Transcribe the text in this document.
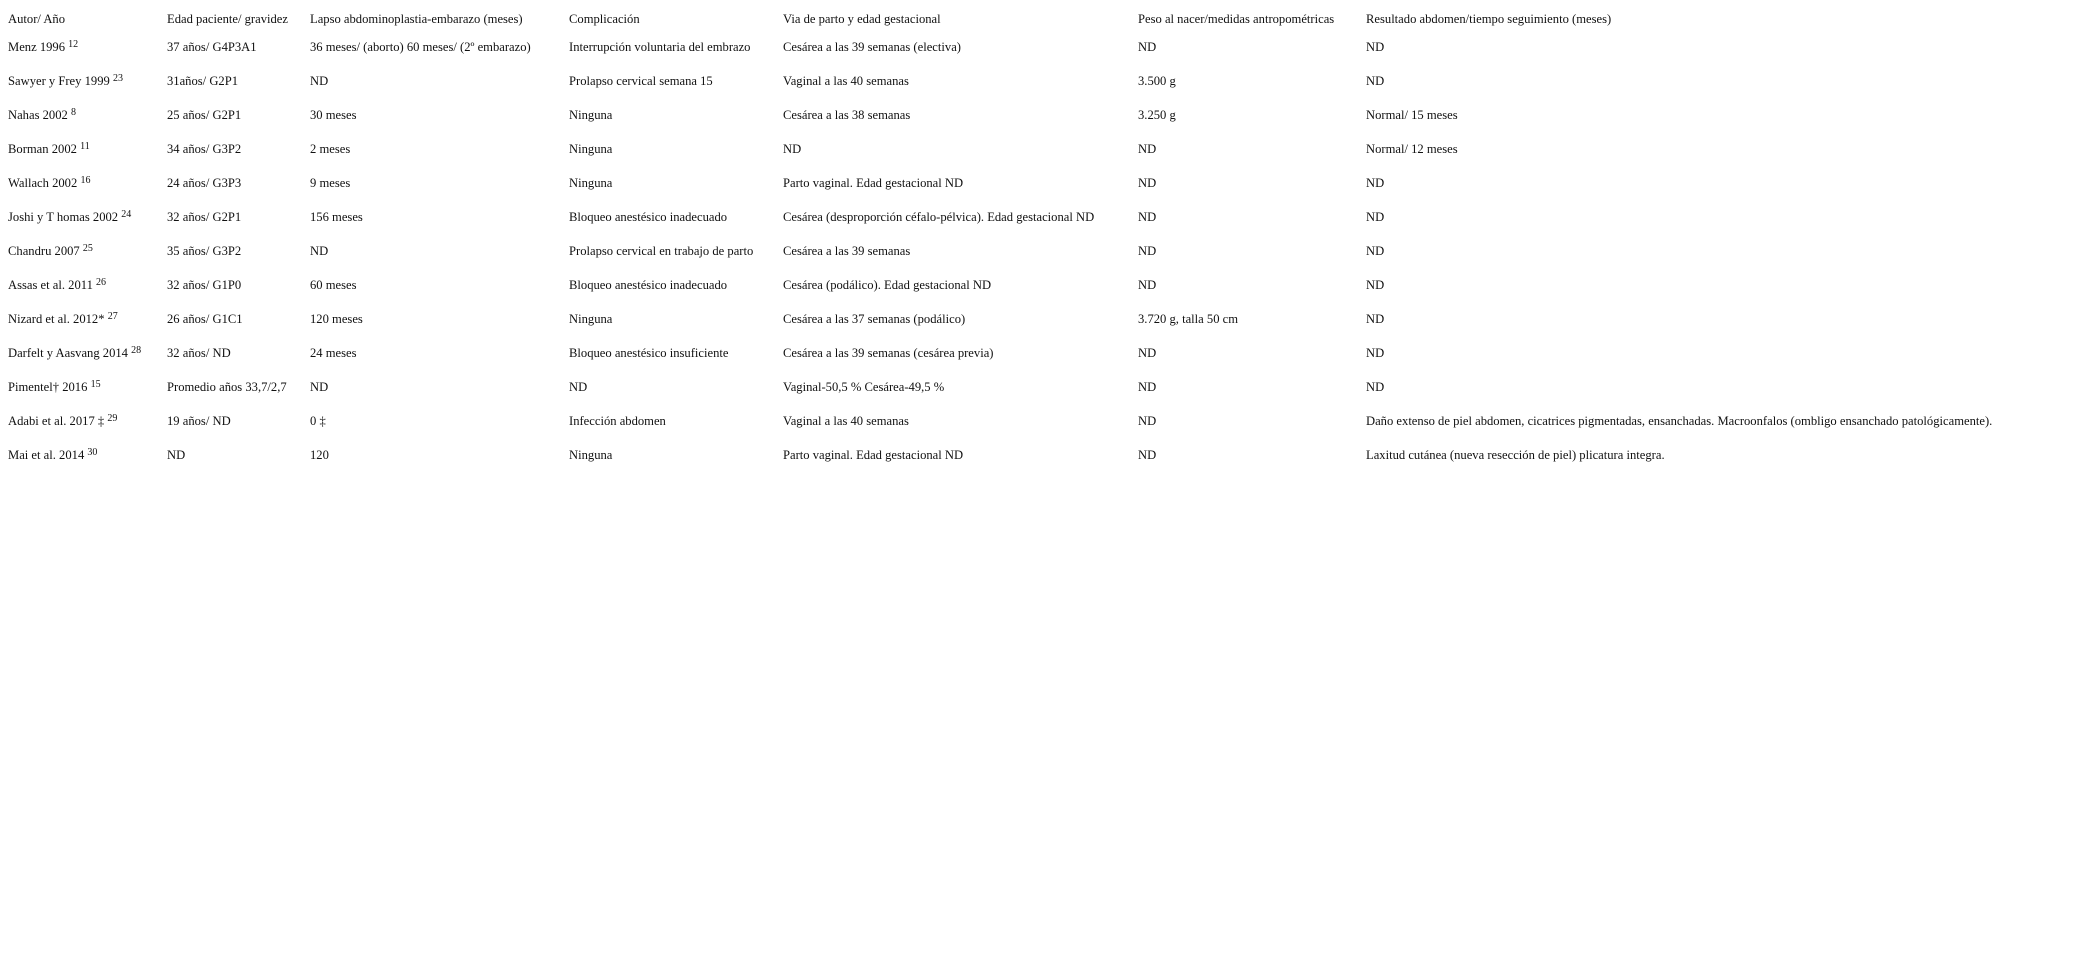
Autor/ Año	Edad paciente/ gravidez	Lapso abdominoplastia-embarazo (meses)	Complicación	Via de parto y edad gestacional	Peso al nacer/medidas antropométricas	Resultado abdomen/tiempo seguimiento (meses)
Menz 1996 $^{12}$	37 años/ G4P3A1	36 meses/ (aborto) 60 meses/ (2º embarazo)	Interrupción voluntaria del embrazo	Cesárea a las 39 semanas (electiva)	ND	ND
Sawyer y Frey 1999 $^{23}$	31años/ G2P1	ND	Prolapso cervical semana 15	Vaginal a las 40 semanas	3.500 g	ND
Nahas 2002 $^8$	25 años/ G2P1	30 meses	Ninguna	Cesárea a las 38 semanas	3.250 g	Normal/ 15 meses
Borman 2002 $^{11}$	34 años/ G3P2	2 meses	Ninguna	ND	ND	Normal/ 12 meses
Wallach 2002 $^{16}$	24 años/ G3P3	9 meses	Ninguna	Parto vaginal. Edad gestacional ND	ND	ND
Joshi y T homas 2002 $^{24}$	32 años/ G2P1	156 meses	Bloqueo anestésico inadecuado	Cesárea (desproporción céfalo-pélvica). Edad gestacional ND	ND	ND
Chandru 2007 $^{25}$	35 años/ G3P2	ND	Prolapso cervical en trabajo de parto	Cesárea a las 39 semanas	ND	ND
Assas et al. 2011 $^{26}$	32 años/ G1P0	60 meses	Bloqueo anestésico inadecuado	Cesárea (podálico). Edad gestacional ND	ND	ND
Nizard et al. 2012* $^{27}$	26 años/ G1C1	120 meses	Ninguna	Cesárea a las 37 semanas (podálico)	3.720 g, talla 50 cm	ND
Darfelt y Aasvang 2014 $^{28}$	32 años/ ND	24 meses	Bloqueo anestésico insuficiente	Cesárea a las 39 semanas (cesárea previa)	ND	ND
Pimentel† 2016 $^{15}$	Promedio años 33,7/2,7	ND	ND	Vaginal-50,5 % Cesárea-49,5 %	ND	ND
Adabi et al. 2017 ‡ $^{29}$	19 años/ ND	0 ‡	Infección abdomen	Vaginal a las 40 semanas	ND	Daño extenso de piel abdomen, cicatrices pigmentadas, ensanchadas. Macroonfalos (ombligo ensanchado patológicamente).
Mai et al. 2014 $^{30}$	ND	120	Ninguna	Parto vaginal. Edad gestacional ND	ND	Laxitud cutánea (nueva resección de piel) plicatura integra.
